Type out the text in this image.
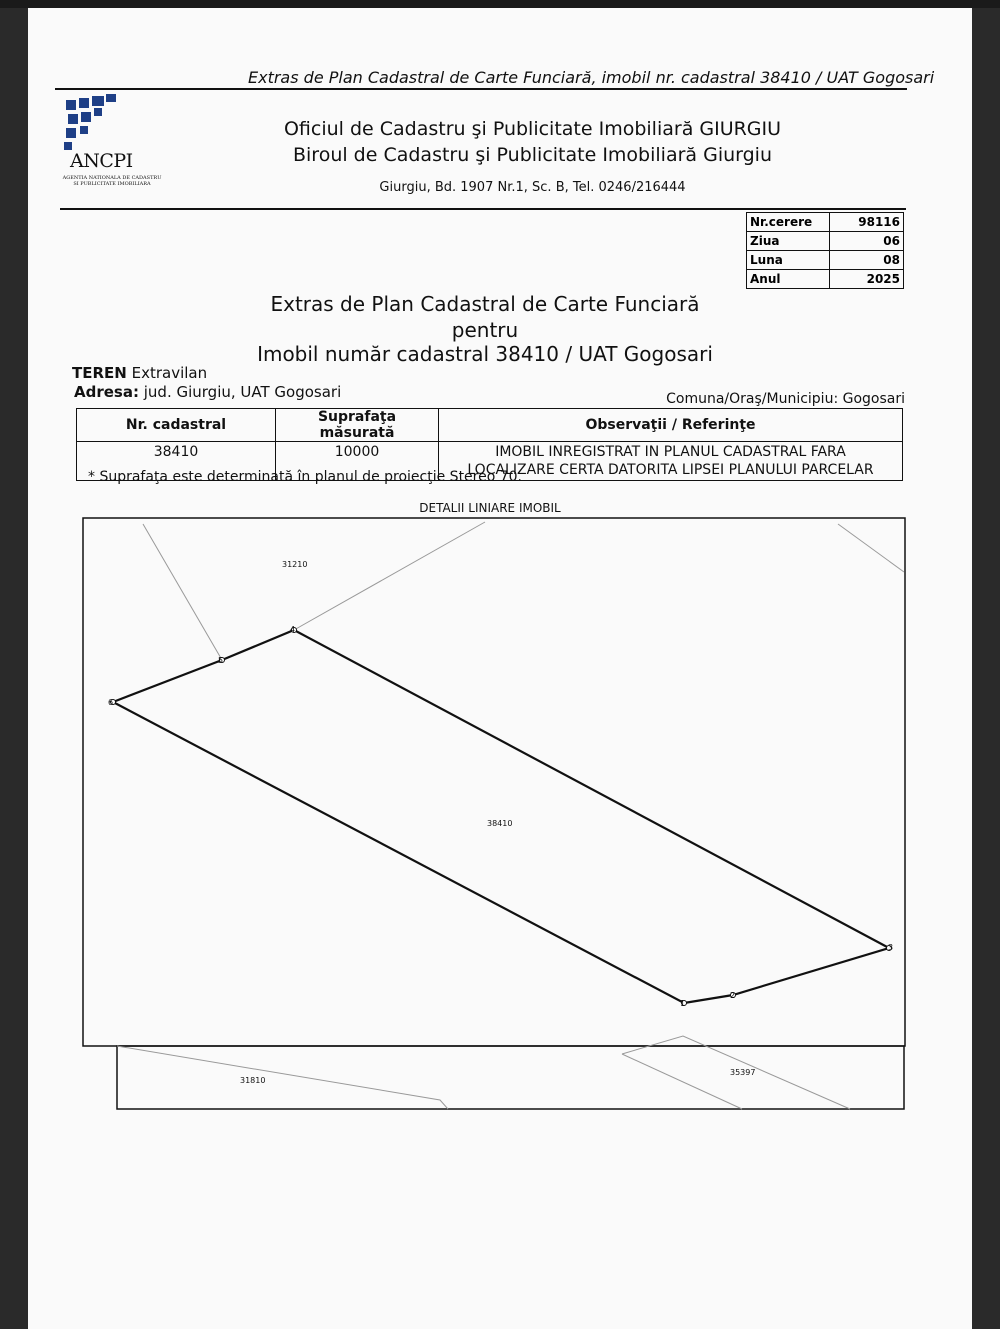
Extras de Plan Cadastral de Carte Funciară, imobil nr. cadastral 38410 / UAT Gogosari
ANCPI
AGENTIA NATIONALA DE CADASTRU SI PUBLICITATE IMOBILIARA
Oficiul de Cadastru şi Publicitate Imobiliară GIURGIU
Biroul de Cadastru şi Publicitate Imobiliară Giurgiu
Giurgiu, Bd. 1907 Nr.1, Sc. B, Tel. 0246/216444
Nr.cerere	98116
Ziua	06
Luna	08
Anul	2025
Extras de Plan Cadastral de Carte Funciară
pentru
Imobil număr cadastral 38410 / UAT Gogosari
TEREN Extravilan
Adresa: jud. Giurgiu, UAT Gogosari	Comuna/Oraş/Municipiu: Gogosari
Nr. cadastral	Suprafaţa măsurată	Observaţii / Referinţe
38410	10000	IMOBIL INREGISTRAT IN PLANUL CADASTRAL FARA
LOCALIZARE CERTA DATORITA LIPSEI PLANULUI PARCELAR
* Suprafaţa este determinată în planul de proiecţie Stereo 70.
DETALII LINIARE IMOBIL
1
2
3
4
5
6
38410
31210
31810
35397
